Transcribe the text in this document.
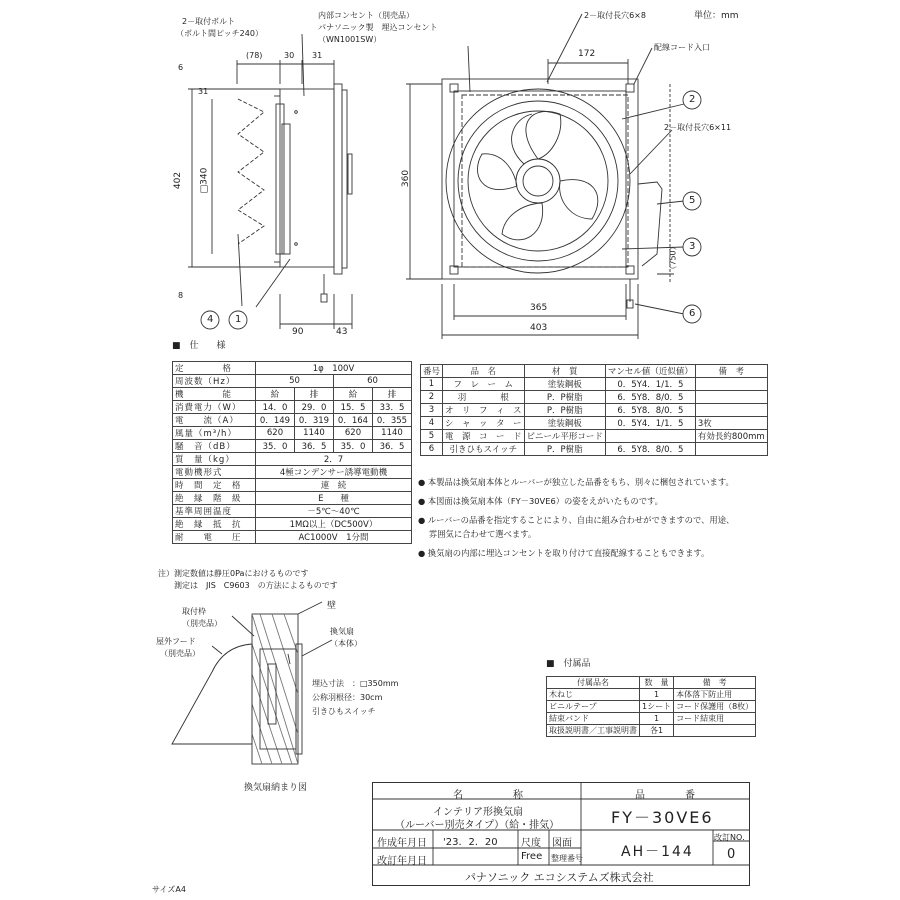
単位：mm
2－取付ボルト
（ボルト間ピッチ240）
内部コンセント（別売品）
パナソニック製　埋込コンセント
（WN1001SW）
2－取付長穴6×8
配線コード入口
2－取付長穴6×11
(78)	30 31
6
31
402 □340
8
90	43
172
360
（750）
365
403
4 1
2
3
5
6
■　仕　　様
定　　　　格	1φ　100V			
周波数（Hz）	50		60	
機　　　　能	給	排	給	排
消費電力（W）	14．0	29．0	15．5	33．5
電　　流（A）	0．149	0．319	0．164	0．355
風量（m³/h）	620	1140	620	1140
騒　音（dB）	35．0	36．5	35．0	36．5
質　量（kg）	2．7			
電動機形式	4極コンデンサー誘導電動機			
時　間　定　格	連　続			
絶　縁　階　級	E　　種			
基準周囲温度	－5℃～40℃			
絶　縁　抵　抗	1MΩ以上（DC500V）			
耐　　電　　圧	AC1000V　1分間			
注）測定数値は静圧0Paにおけるものです
　　測定は　JIS　C9603　の方法によるものです
番号	品　名	材　質	マンセル値（近似値）	備　考
1	フ　レ　ー　ム	塗装鋼板	0．5Y4．1/1．5	
2	羽　　　　根	P．P樹脂	6．5Y8．8/0．5	
3	オ　リ　フ　ィ　ス	P．P樹脂	6．5Y8．8/0．5	
4	シ　ャ　ッ　タ　ー	塗装鋼板	0．5Y4．1/1．5	3枚
5	電　源　コ　ー　ド	ビニール平形コード		有効長約800mm
6	引きひもスイッチ	P．P樹脂	6．5Y8．8/0．5	
● 本製品は換気扇本体とルーバーが独立した品番をもち、別々に梱包されています。
● 本図面は換気扇本体（FY－30VE6）の姿をえがいたものです。
● ルーバーの品番を指定することにより、自由に組み合わせができますので、用途、
　 雰囲気に合わせて選べます。
● 換気扇の内部に埋込コンセントを取り付けて直接配線することもできます。
取付枠
（別売品）
屋外フード
（別売品）
壁
換気扇
（本体）
埋込寸法　：□350mm
公称羽根径：30cm
引きひもスイッチ
換気扇納まり図
■　付属品
付属品名	数　量	備　考
木ねじ	1	本体落下防止用
ビニルテープ	1シート	コード保護用（8枚）
結束バンド	1	コード結束用
取扱説明書／工事説明書	各1	
名　　　　　称	品　　　　番
インテリア形換気扇
（ルーバー別売タイプ）（給・排気）	FY－30VE6
作成年月日 '23．2．20 尺度 図面
改訂年月日	Free 整理番号	AH－144
改訂NO．
0
パナソニック エコシステムズ株式会社
サイズA4
